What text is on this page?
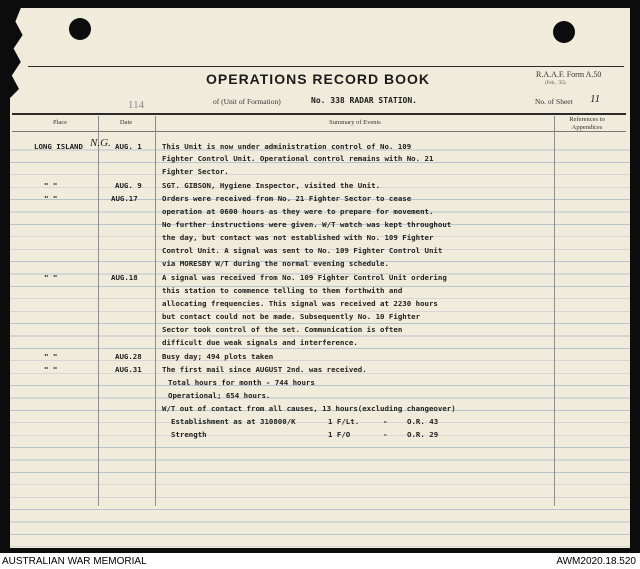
OPERATIONS RECORD BOOK	R.A.A.F. Form A.50
(Feb., '35)
114	of (Unit of Formation)	No. 338 RADAR STATION.	No. of Sheet 11
Place	Date	Summary of Events	References to Appendices
LONG ISLAND N.G. AUG. 1	This Unit is now under administration control of No. 109
Fighter Control Unit. Operational control remains with No. 21
Fighter Sector.
" "	AUG. 9	SGT. GIBSON, Hygiene Inspector, visited the Unit.
" "	AUG.17	Orders were received from No. 21 Fighter Sector to cease
operation at 0600 hours as they were to prepare for movement.
No further instructions were given. W/T watch was kept throughout
the day, but contact was not established with No. 109 Fighter
Control Unit. A signal was sent to No. 109 Fighter Control Unit
via MORESBY W/T during the normal evening schedule.
" "	AUG.18	A signal was received from No. 109 Fighter Control Unit ordering
this station to commence telling to them forthwith and
allocating frequencies. This signal was received at 2230 hours
but contact could not be made. Subsequently No. 10 Fighter
Sector took control of the set. Communication is often
difficult due weak signals and interference.
" "	AUG.28	Busy day; 494 plots taken
" "	AUG.31	The first mail since AUGUST 2nd. was received.
Total hours for month - 744 hours
Operational; 654 hours.
W/T out of contact from all causes, 13 hours(excluding changeover)
Establishment as at 310800/K	1 F/Lt.	-	O.R. 43
Strength	1 F/O	-	O.R. 29
AUSTRALIAN WAR MEMORIAL	AWM2020.18.520
